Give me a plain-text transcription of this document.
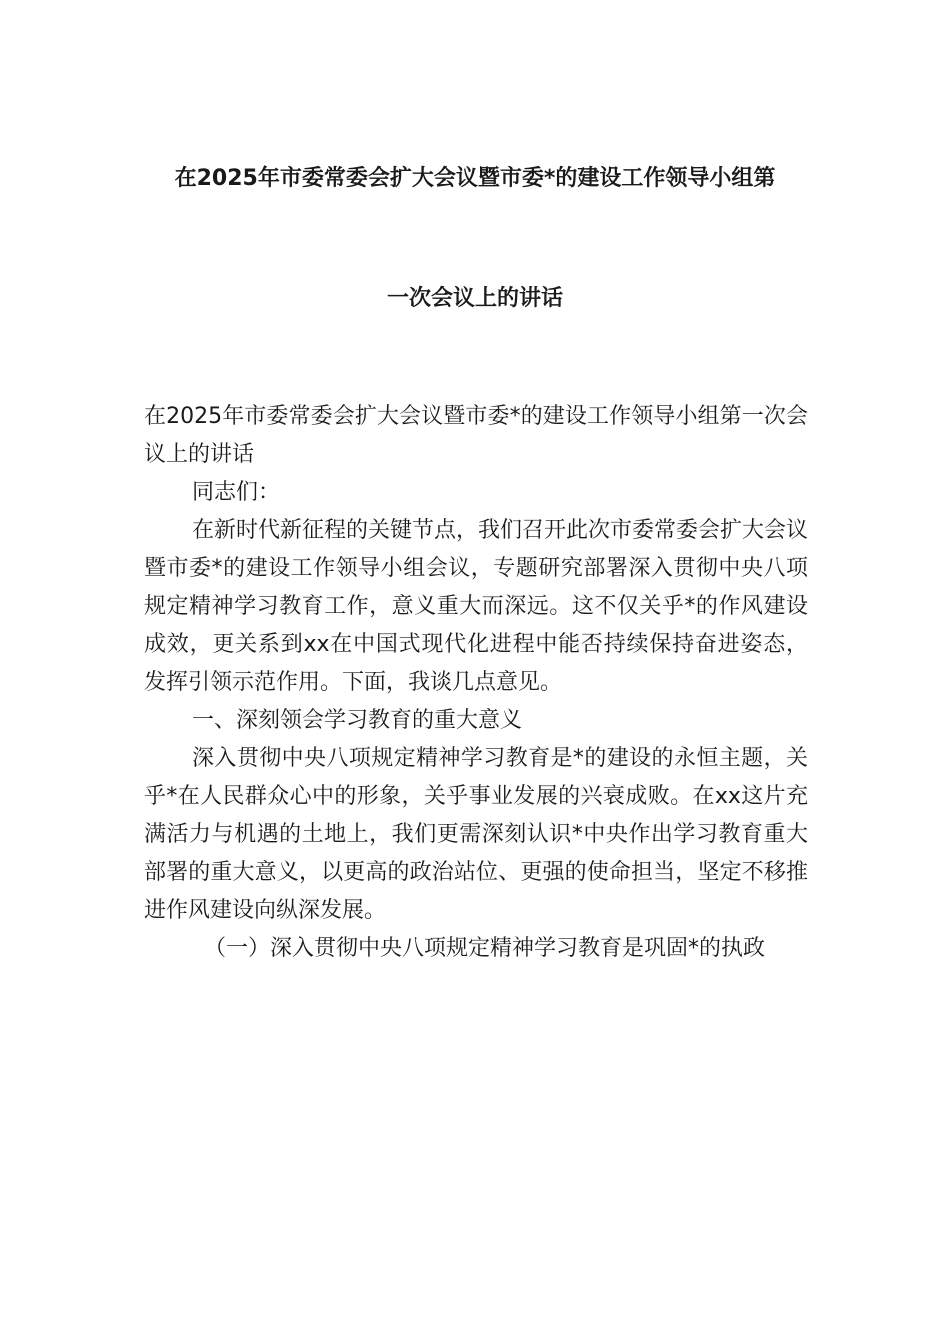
在2025年市委常委会扩大会议暨市委*的建设工作领导小组第
一次会议上的讲话

在2025年市委常委会扩大会议暨市委*的建设工作领导小组第一次会议上的讲话

同志们：

在新时代新征程的关键节点，我们召开此次市委常委会扩大会议暨市委*的建设工作领导小组会议，专题研究部署深入贯彻中央八项规定精神学习教育工作，意义重大而深远。这不仅关乎*的作风建设成效，更关系到xx在中国式现代化进程中能否持续保持奋进姿态，发挥引领示范作用。下面，我谈几点意见。

一、深刻领会学习教育的重大意义

深入贯彻中央八项规定精神学习教育是*的建设的永恒主题，关乎*在人民群众心中的形象，关乎事业发展的兴衰成败。在xx这片充满活力与机遇的土地上，我们更需深刻认识*中央作出学习教育重大部署的重大意义，以更高的政治站位、更强的使命担当，坚定不移推进作风建设向纵深发展。

（一）深入贯彻中央八项规定精神学习教育是巩固*的执政
